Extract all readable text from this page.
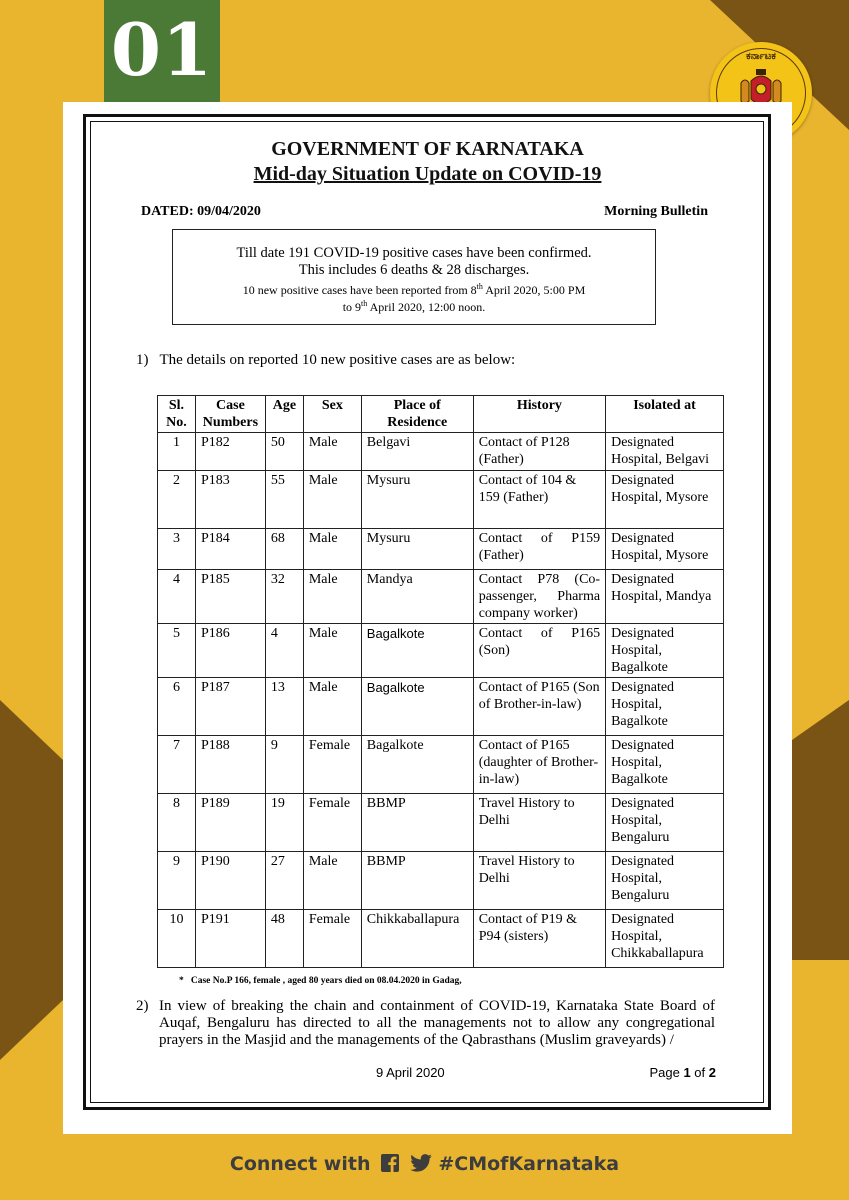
01	ಕರ್ನಾಟಕ
GOVERNMENT OF KARNATAKA
Mid-day Situation Update on COVID-19
DATED: 09/04/2020	Morning Bulletin
Till date 191 COVID-19 positive cases have been confirmed.
This includes 6 deaths & 28 discharges.
10 new positive cases have been reported from 8th April 2020, 5:00 PM
to 9th April 2020, 12:00 noon.
1)   The details on reported 10 new positive cases are as below:
Sl. No.	Case Numbers	Age	Sex	Place of Residence	History	Isolated at
1	P182	50	Male	Belgavi	Contact of P128 (Father)	Designated Hospital, Belgavi
2	P183	55	Male	Mysuru	Contact of 104 & 159 (Father)	Designated Hospital, Mysore
3	P184	68	Male	Mysuru	Contact of P159 (Father)	Designated Hospital, Mysore
4	P185	32	Male	Mandya	Contact P78 (Co-passenger, Pharma company worker)	Designated Hospital, Mandya
5	P186	4	Male	Bagalkote	Contact of P165 (Son)	Designated Hospital, Bagalkote
6	P187	13	Male	Bagalkote	Contact of P165 (Son of Brother-in-law)	Designated Hospital, Bagalkote
7	P188	9	Female	Bagalkote	Contact of P165 (daughter of Brother-in-law)	Designated Hospital, Bagalkote
8	P189	19	Female	BBMP	Travel History to Delhi	Designated Hospital, Bengaluru
9	P190	27	Male	BBMP	Travel History to Delhi	Designated Hospital, Bengaluru
10	P191	48	Female	Chikkaballapura	Contact of P19 & P94 (sisters)	Designated Hospital, Chikkaballapura
*   Case No.P 166, female , aged 80 years died on 08.04.2020 in Gadag,
2) In view of breaking the chain and containment of COVID-19, Karnataka State Board of Auqaf, Bengaluru has directed to all the managements not to allow any congregational prayers in the Masjid and the managements of the Qabrasthans (Muslim graveyards) /
9 April 2020	Page 1 of 2
Connect with	#CMofKarnataka
